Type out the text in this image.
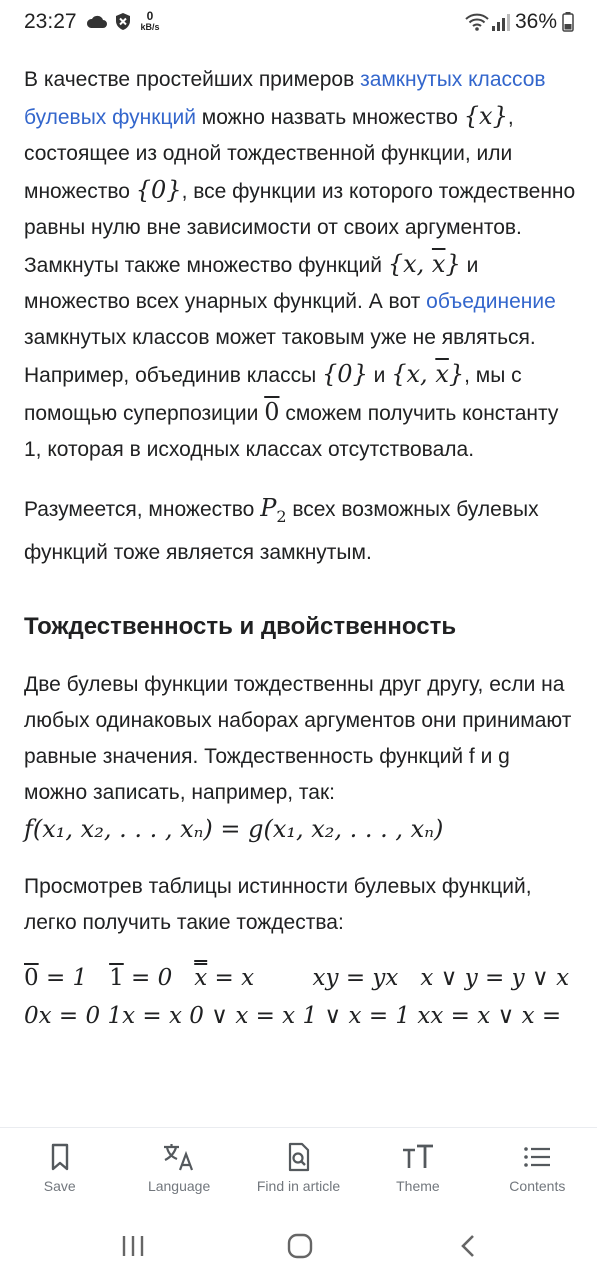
23:27	0
kB/s	36%

В качестве простейших примеров замкнутых классов булевых функций можно назвать множество {x}, состоящее из одной тождественной функции, или множество {0}, все функции из которого тождественно равны нулю вне зависимости от своих аргументов. Замкнуты также множество функций {x, $\overline{x}$} и множество всех унарных функций. А вот объединение замкнутых классов может таковым уже не являться. Например, объединив классы {0} и {x, $\overline{x}$}, мы с помощью суперпозиции 0 сможем получить константу 1, которая в исходных классах отсутствовала.

Разумеется, множество $P_2$ всех возможных булевых функций тоже является замкнутым.

Тождественность и двойственность

Две булевы функции тождественны друг другу, если на любых одинаковых наборах аргументов они принимают равные значения. Тождественность функций f и g можно записать, например, так:

f(x₁, x₂, . . . , xₙ) = g(x₁, x₂, . . . , xₙ)

Просмотрев таблицы истинности булевых функций, легко получить такие тождества:

0 = 1   1 = 0   x = x        xy = yx   x ∨ y = y ∨ x

0x = 0 1x = x 0 ∨ x = x 1 ∨ x = 1 xx = x ∨ x =

Save	Language	Find in article	Theme	Contents
